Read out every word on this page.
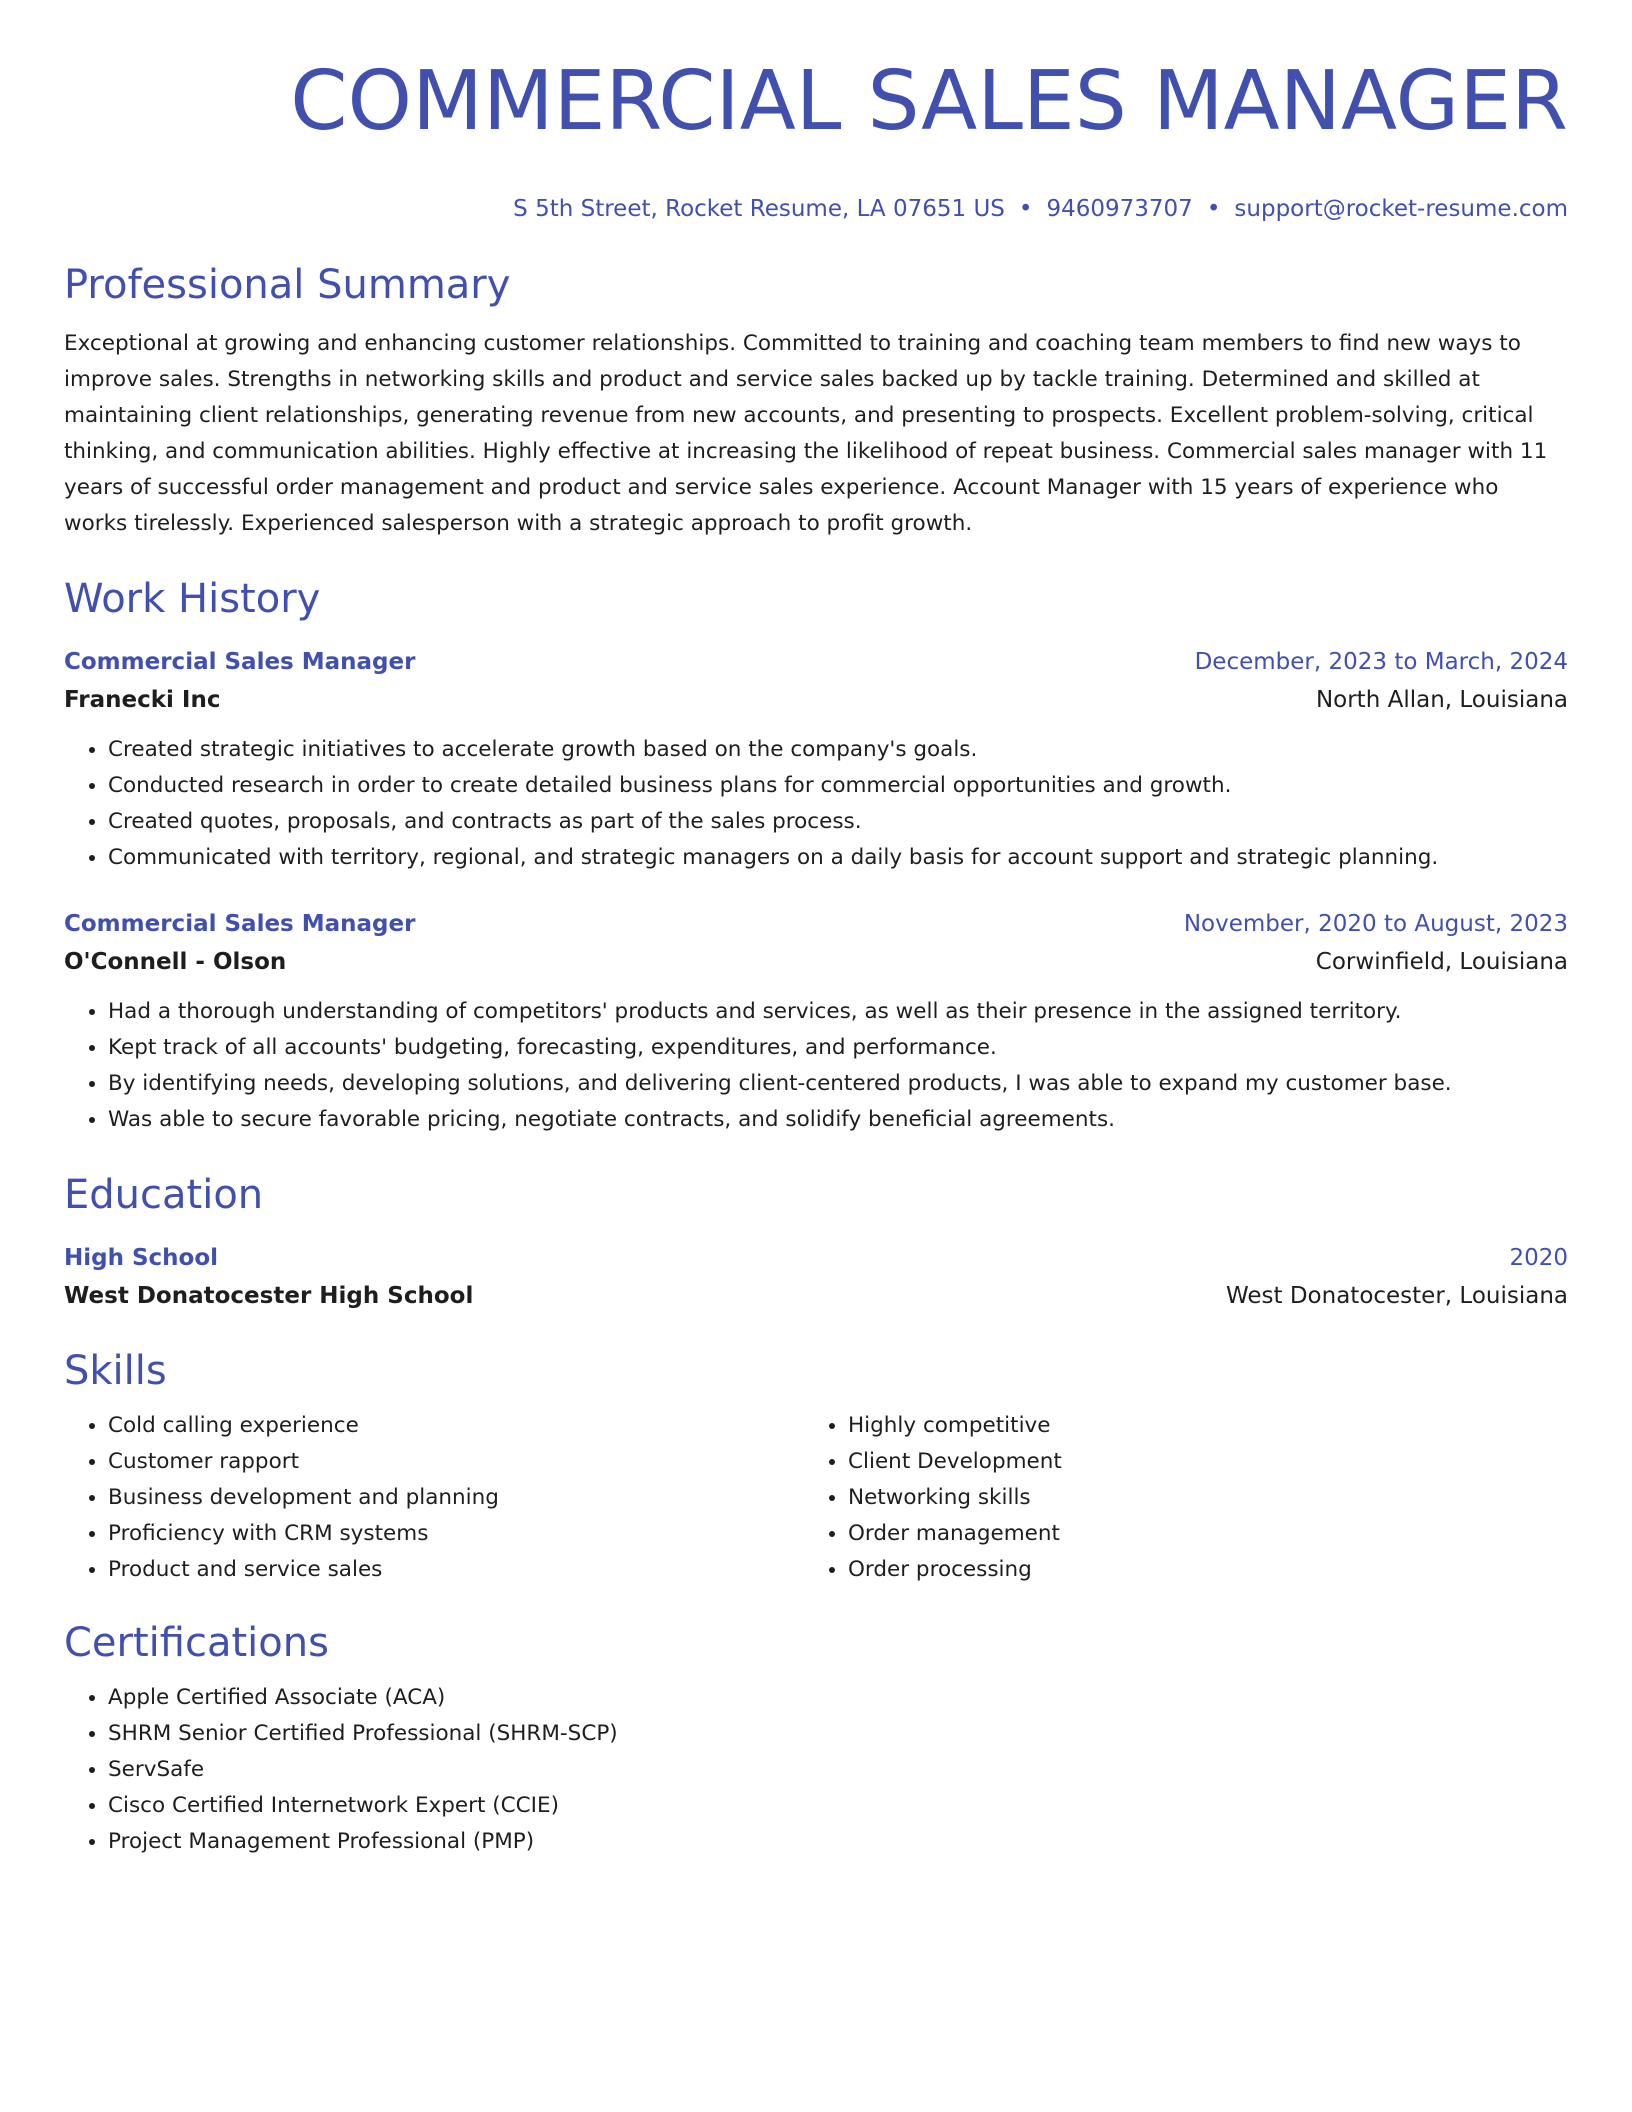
COMMERCIAL SALES MANAGER
S 5th Street, Rocket Resume, LA 07651 US • 9460973707 • support@rocket-resume.com
Professional Summary

Exceptional at growing and enhancing customer relationships. Committed to training and coaching team members to find new ways to improve sales. Strengths in networking skills and product and service sales backed up by tackle training. Determined and skilled at maintaining client relationships, generating revenue from new accounts, and presenting to prospects. Excellent problem-solving, critical thinking, and communication abilities. Highly effective at increasing the likelihood of repeat business. Commercial sales manager with 11 years of successful order management and product and service sales experience. Account Manager with 15 years of experience who works tirelessly. Experienced salesperson with a strategic approach to profit growth.

Work History
Commercial Sales Manager	December, 2023 to March, 2024
Franecki Inc	North Allan, Louisiana
• Created strategic initiatives to accelerate growth based on the company's goals.
• Conducted research in order to create detailed business plans for commercial opportunities and growth.
• Created quotes, proposals, and contracts as part of the sales process.
• Communicated with territory, regional, and strategic managers on a daily basis for account support and strategic planning.
Commercial Sales Manager	November, 2020 to August, 2023
O'Connell - Olson	Corwinfield, Louisiana
• Had a thorough understanding of competitors' products and services, as well as their presence in the assigned territory.
• Kept track of all accounts' budgeting, forecasting, expenditures, and performance.
• By identifying needs, developing solutions, and delivering client-centered products, I was able to expand my customer base.
• Was able to secure favorable pricing, negotiate contracts, and solidify beneficial agreements.
Education
High School	2020
West Donatocester High School	West Donatocester, Louisiana
Skills
• Cold calling experience
• Customer rapport
• Business development and planning
• Proficiency with CRM systems
• Product and service sales
• Highly competitive
• Client Development
• Networking skills
• Order management
• Order processing
Certifications
• Apple Certified Associate (ACA)
• SHRM Senior Certified Professional (SHRM-SCP)
• ServSafe
• Cisco Certified Internetwork Expert (CCIE)
• Project Management Professional (PMP)
